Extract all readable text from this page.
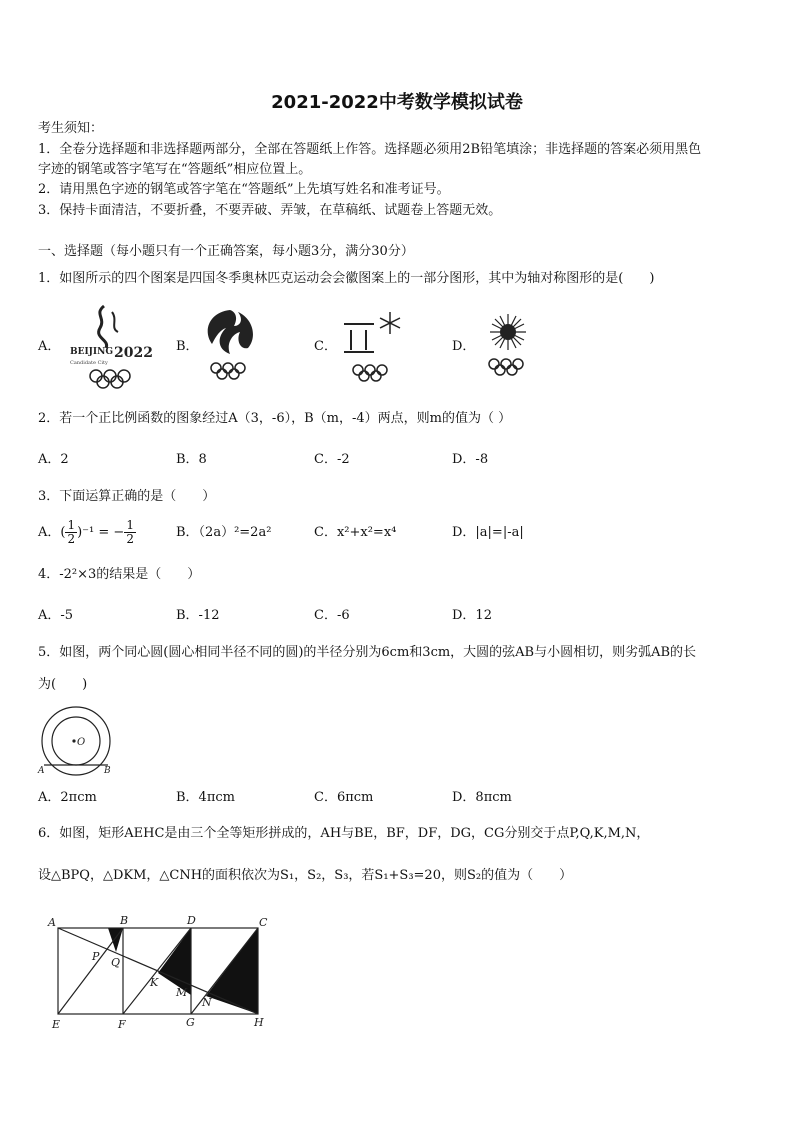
2021-2022中考数学模拟试卷
考生须知：
1．全卷分选择题和非选择题两部分，全部在答题纸上作答。选择题必须用2B铅笔填涂；非选择题的答案必须用黑色
字迹的钢笔或答字笔写在“答题纸”相应位置上。
2．请用黑色字迹的钢笔或答字笔在“答题纸”上先填写姓名和准考证号。
3．保持卡面清洁，不要折叠，不要弄破、弄皱，在草稿纸、试题卷上答题无效。
一、选择题（每小题只有一个正确答案，每小题3分，满分30分）
1．如图所示的四个图案是四国冬季奥林匹克运动会会徽图案上的一部分图形，其中为轴对称图形的是(　　)
A．	B．	C．	D．
BEIJING 2022
Candidate City
2．若一个正比例函数的图象经过A（3，-6），B（m，-4）两点，则m的值为（ ）
A．2	B．8	C．-2	D．-8
3．下面运算正确的是（　　）
A．( $\frac{1}{2} )^{-1}$ = − $\frac{1}{2}$	B．（2a）²=2a²	C．x²+x²=x⁴	D．|a|=|-a|
4．-2²×3的结果是（　　）
A．-5	B．-12	C．-6	D．12
5．如图，两个同心圆(圆心相同半径不同的圆)的半径分别为6cm和3cm，大圆的弦AB与小圆相切，则劣弧AB的长
为(　　)
O
A	B
A．2πcm	B．4πcm	C．6πcm	D．8πcm
6．如图，矩形AEHC是由三个全等矩形拼成的，AH与BE，BF，DF，DG，CG分别交于点P,Q,K,M,N，
设△BPQ，△DKM，△CNH的面积依次为S₁，S₂，S₃，若S₁+S₃=20，则S₂的值为（　　）
A	B	D	C
P Q
K
M
N
E	F	G	H
